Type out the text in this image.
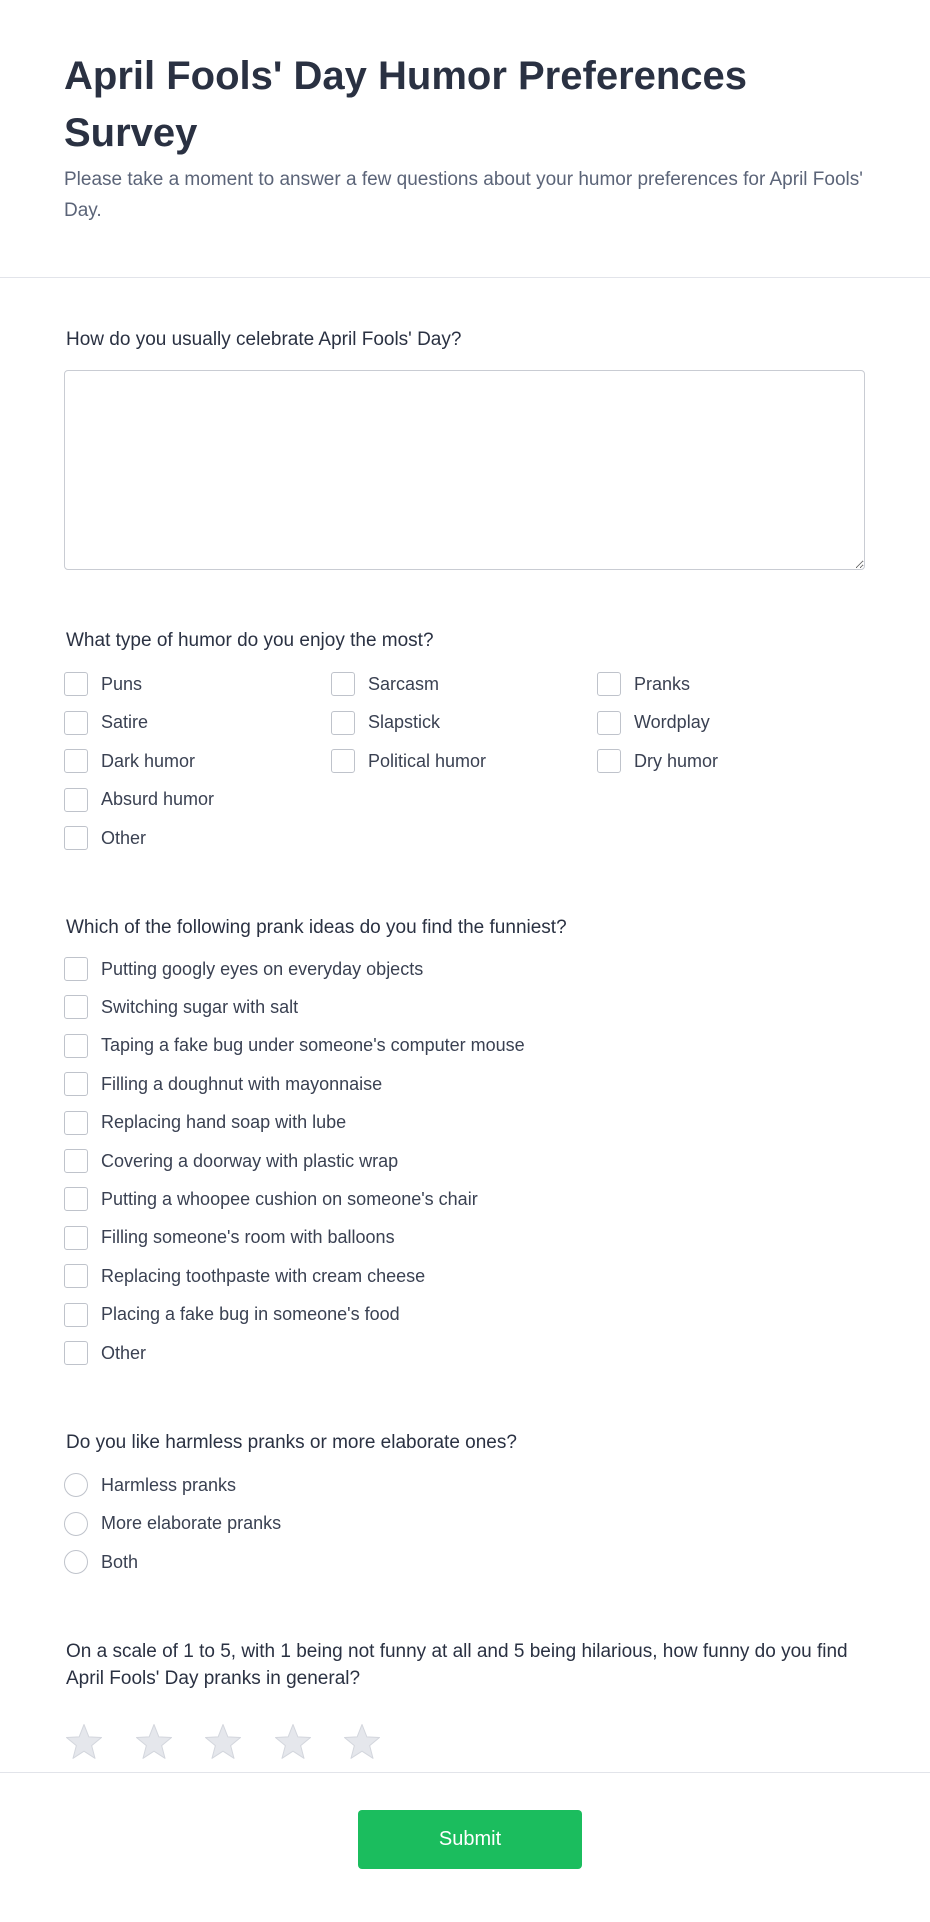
April Fools' Day Humor Preferences Survey
Please take a moment to answer a few questions about your humor preferences for April Fools' Day.
How do you usually celebrate April Fools' Day?
What type of humor do you enjoy the most?
Puns	Sarcasm	Pranks
Satire	Slapstick	Wordplay
Dark humor	Political humor	Dry humor
Absurd humor
Other
Which of the following prank ideas do you find the funniest?
Putting googly eyes on everyday objects
Switching sugar with salt
Taping a fake bug under someone's computer mouse
Filling a doughnut with mayonnaise
Replacing hand soap with lube
Covering a doorway with plastic wrap
Putting a whoopee cushion on someone's chair
Filling someone's room with balloons
Replacing toothpaste with cream cheese
Placing a fake bug in someone's food
Other
Do you like harmless pranks or more elaborate ones?
Harmless pranks
More elaborate pranks
Both
On a scale of 1 to 5, with 1 being not funny at all and 5 being hilarious, how funny do you find April Fools' Day pranks in general?
Submit
